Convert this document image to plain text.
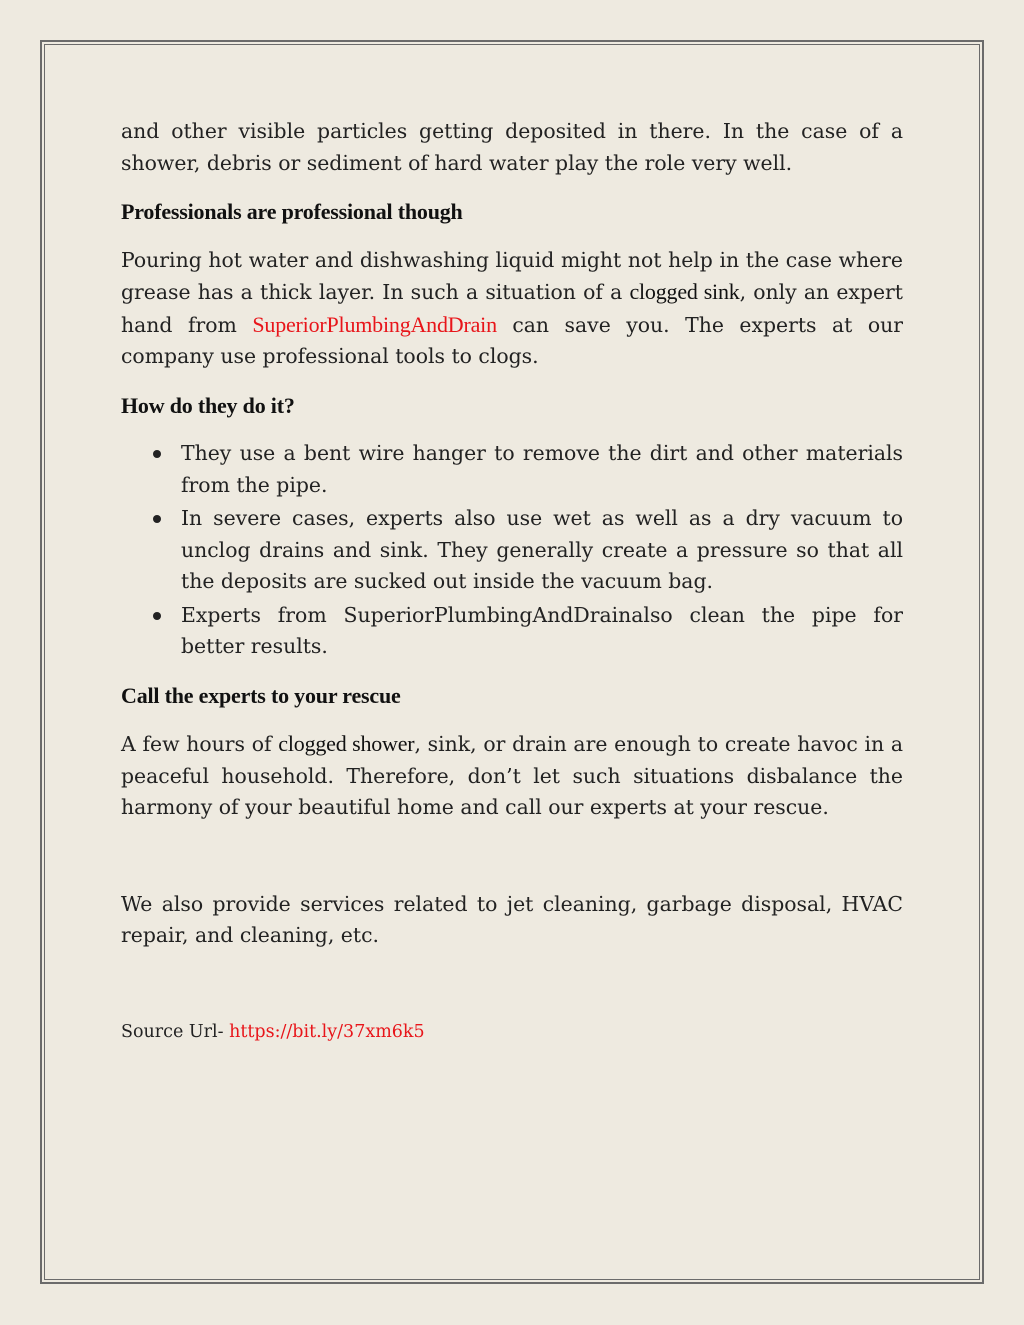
and other visible particles getting deposited in there. In the case of a shower, debris or sediment of hard water play the role very well.

Professionals are professional though

Pouring hot water and dishwashing liquid might not help in the case where grease has a thick layer. In such a situation of a clogged sink, only an expert hand from SuperiorPlumbingAndDrain can save you. The experts at our company use professional tools to clogs.

How do they do it?
They use a bent wire hanger to remove the dirt and other materials from the pipe.
In severe cases, experts also use wet as well as a dry vacuum to unclog drains and sink. They generally create a pressure so that all the deposits are sucked out inside the vacuum bag.
Experts from SuperiorPlumbingAndDrainalso clean the pipe for better results.
Call the experts to your rescue

A few hours of clogged shower, sink, or drain are enough to create havoc in a peaceful household. Therefore, don’t let such situations disbalance the harmony of your beautiful home and call our experts at your rescue.

We also provide services related to jet cleaning, garbage disposal, HVAC repair, and cleaning, etc.

Source Url- https://bit.ly/37xm6k5
